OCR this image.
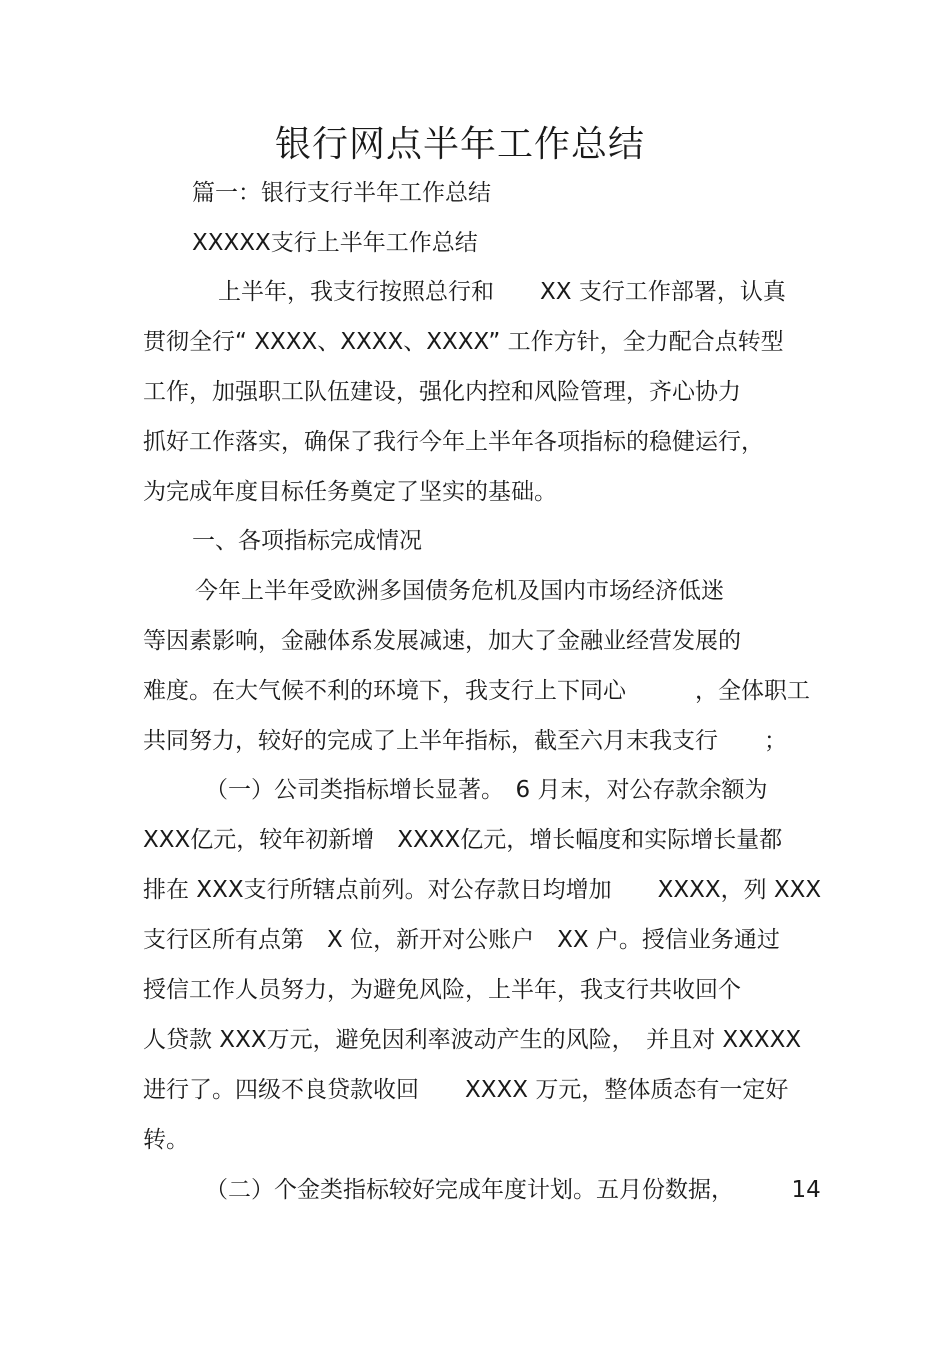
银行网点半年工作总结
篇一：银行支行半年工作总结
XXXXX支行上半年工作总结
上半年，我支行按照总行和　　XX 支行工作部署，认真
贯彻全行“ XXXX、XXXX、XXXX” 工作方针，全力配合点转型
工作，加强职工队伍建设，强化内控和风险管理，齐心协力
抓好工作落实，确保了我行今年上半年各项指标的稳健运行，
为完成年度目标任务奠定了坚实的基础。
一、各项指标完成情况
今年上半年受欧洲多国债务危机及国内市场经济低迷
等因素影响，金融体系发展减速，加大了金融业经营发展的
难度。在大气候不利的环境下，我支行上下同心　　　，全体职工
共同努力，较好的完成了上半年指标，截至六月末我支行　　；
（一）公司类指标增长显著。　6 月末，对公存款余额为
XXX亿元，较年初新增　XXXX亿元，增长幅度和实际增长量都
排在 XXX支行所辖点前列。对公存款日均增加　　XXXX，列 XXX
支行区所有点第　X 位，新开对公账户　XX 户。授信业务通过
授信工作人员努力，为避免风险，上半年，我支行共收回个
人贷款 XXX万元，避免因利率波动产生的风险，　并且对 XXXXX
进行了。四级不良贷款收回　　XXXX 万元，整体质态有一定好
转。
（二）个金类指标较好完成年度计划。五月份数据，　　　14
